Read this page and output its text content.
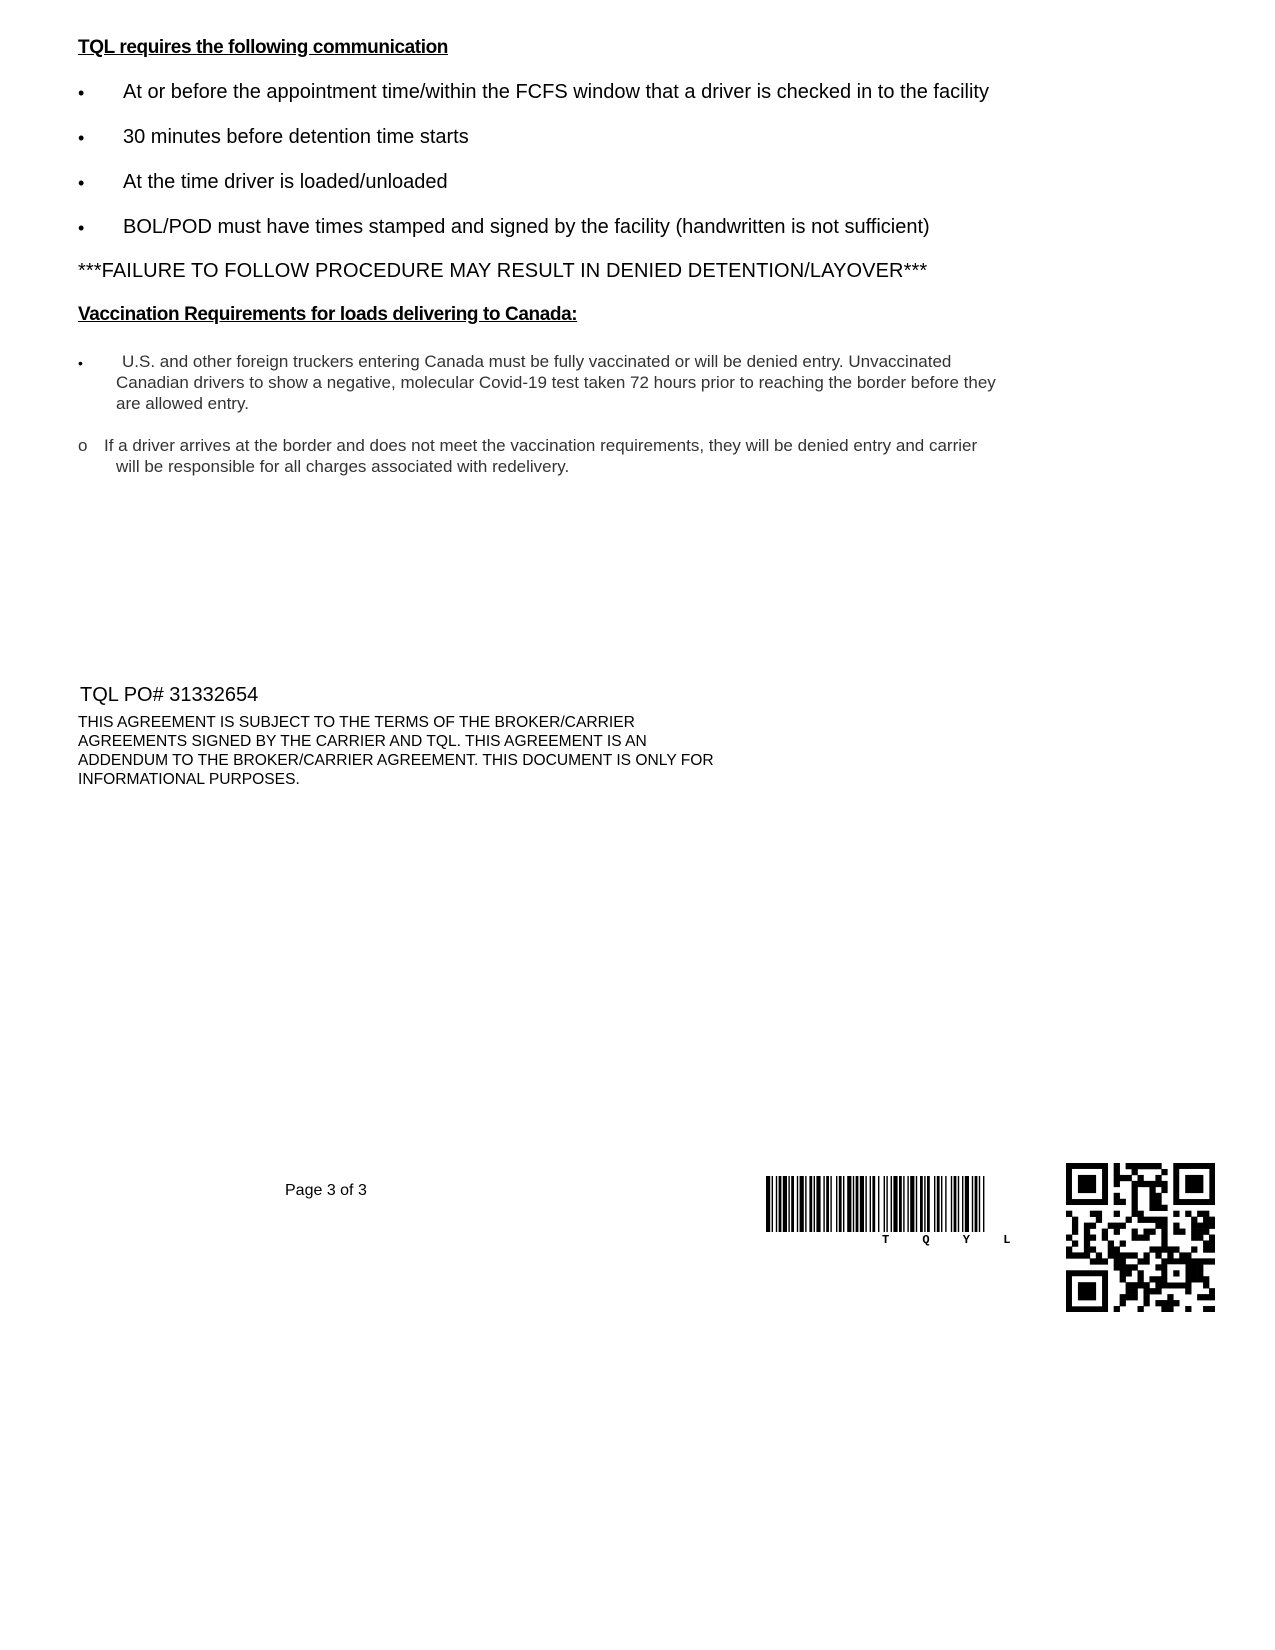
TQL requires the following communication
• At or before the appointment time/within the FCFS window that a driver is checked in to the facility
• 30 minutes before detention time starts
• At the time driver is loaded/unloaded
• BOL/POD must have times stamped and signed by the facility (handwritten is not sufficient)
***FAILURE TO FOLLOW PROCEDURE MAY RESULT IN DENIED DETENTION/LAYOVER***
Vaccination Requirements for loads delivering to Canada:
• U.S. and other foreign truckers entering Canada must be fully vaccinated or will be denied entry. Unvaccinated
Canadian drivers to show a negative, molecular Covid-19 test taken 72 hours prior to reaching the border before they
are allowed entry.
o If a driver arrives at the border and does not meet the vaccination requirements, they will be denied entry and carrier
will be responsible for all charges associated with redelivery.
TQL PO# 31332654
THIS AGREEMENT IS SUBJECT TO THE TERMS OF THE BROKER/CARRIER
AGREEMENTS SIGNED BY THE CARRIER AND TQL. THIS AGREEMENT IS AN
ADDENDUM TO THE BROKER/CARRIER AGREEMENT. THIS DOCUMENT IS ONLY FOR
INFORMATIONAL PURPOSES.
Page 3 of 3
T Q Y L
